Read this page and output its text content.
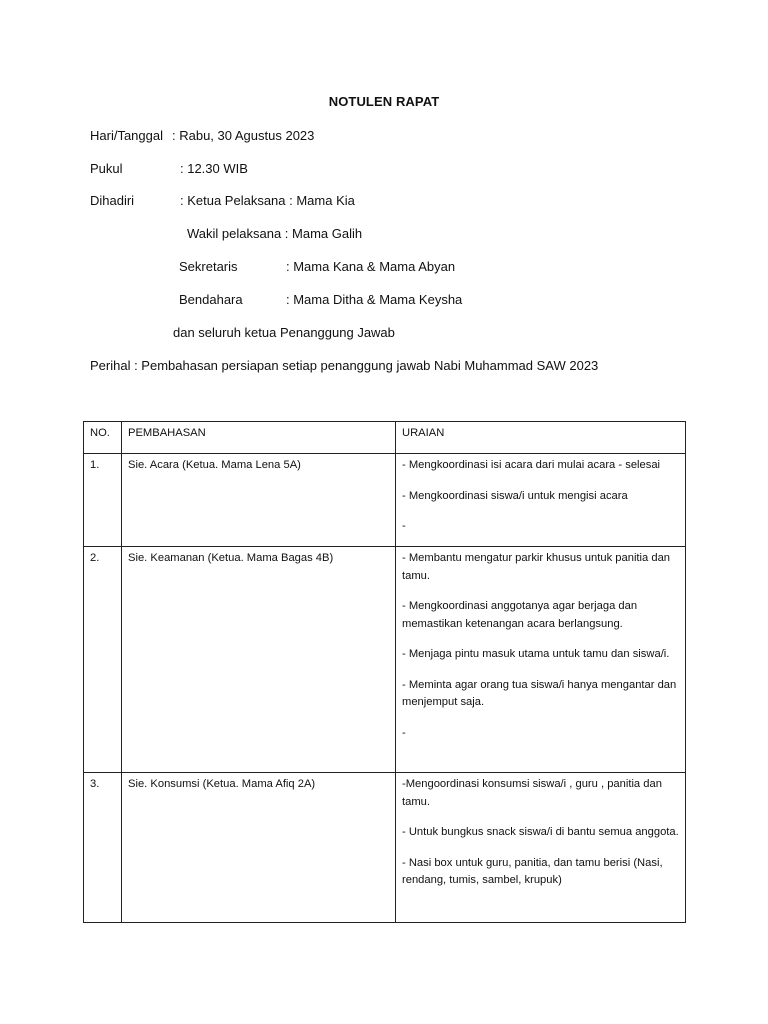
NOTULEN RAPAT
Hari/Tanggal : Rabu, 30 Agustus 2023
Pukul	: 12.30 WIB
Dihadiri	: Ketua Pelaksana : Mama Kia
Wakil pelaksana : Mama Galih
Sekretaris	: Mama Kana & Mama Abyan
Bendahara	: Mama Ditha & Mama Keysha
dan seluruh ketua Penanggung Jawab
Perihal : Pembahasan persiapan setiap penanggung jawab Nabi Muhammad SAW 2023
NO.	PEMBAHASAN	URAIAN
1.	Sie. Acara (Ketua. Mama Lena 5A)	- Mengkoordinasi isi acara dari mulai acara - selesai
- Mengkoordinasi siswa/i untuk mengisi acara
-

2.	Sie. Keamanan (Ketua. Mama Bagas 4B)	- Membantu mengatur parkir khusus untuk panitia dan tamu.
- Mengkoordinasi anggotanya agar berjaga dan memastikan ketenangan acara berlangsung.
- Menjaga pintu masuk utama untuk tamu dan siswa/i.
- Meminta agar orang tua siswa/i hanya mengantar dan menjemput saja.
-

3.	Sie. Konsumsi (Ketua. Mama Afiq 2A)	-Mengoordinasi konsumsi siswa/i , guru , panitia dan tamu.
- Untuk bungkus snack siswa/i di bantu semua anggota.
- Nasi box untuk guru, panitia, dan tamu berisi (Nasi, rendang, tumis, sambel, krupuk)
